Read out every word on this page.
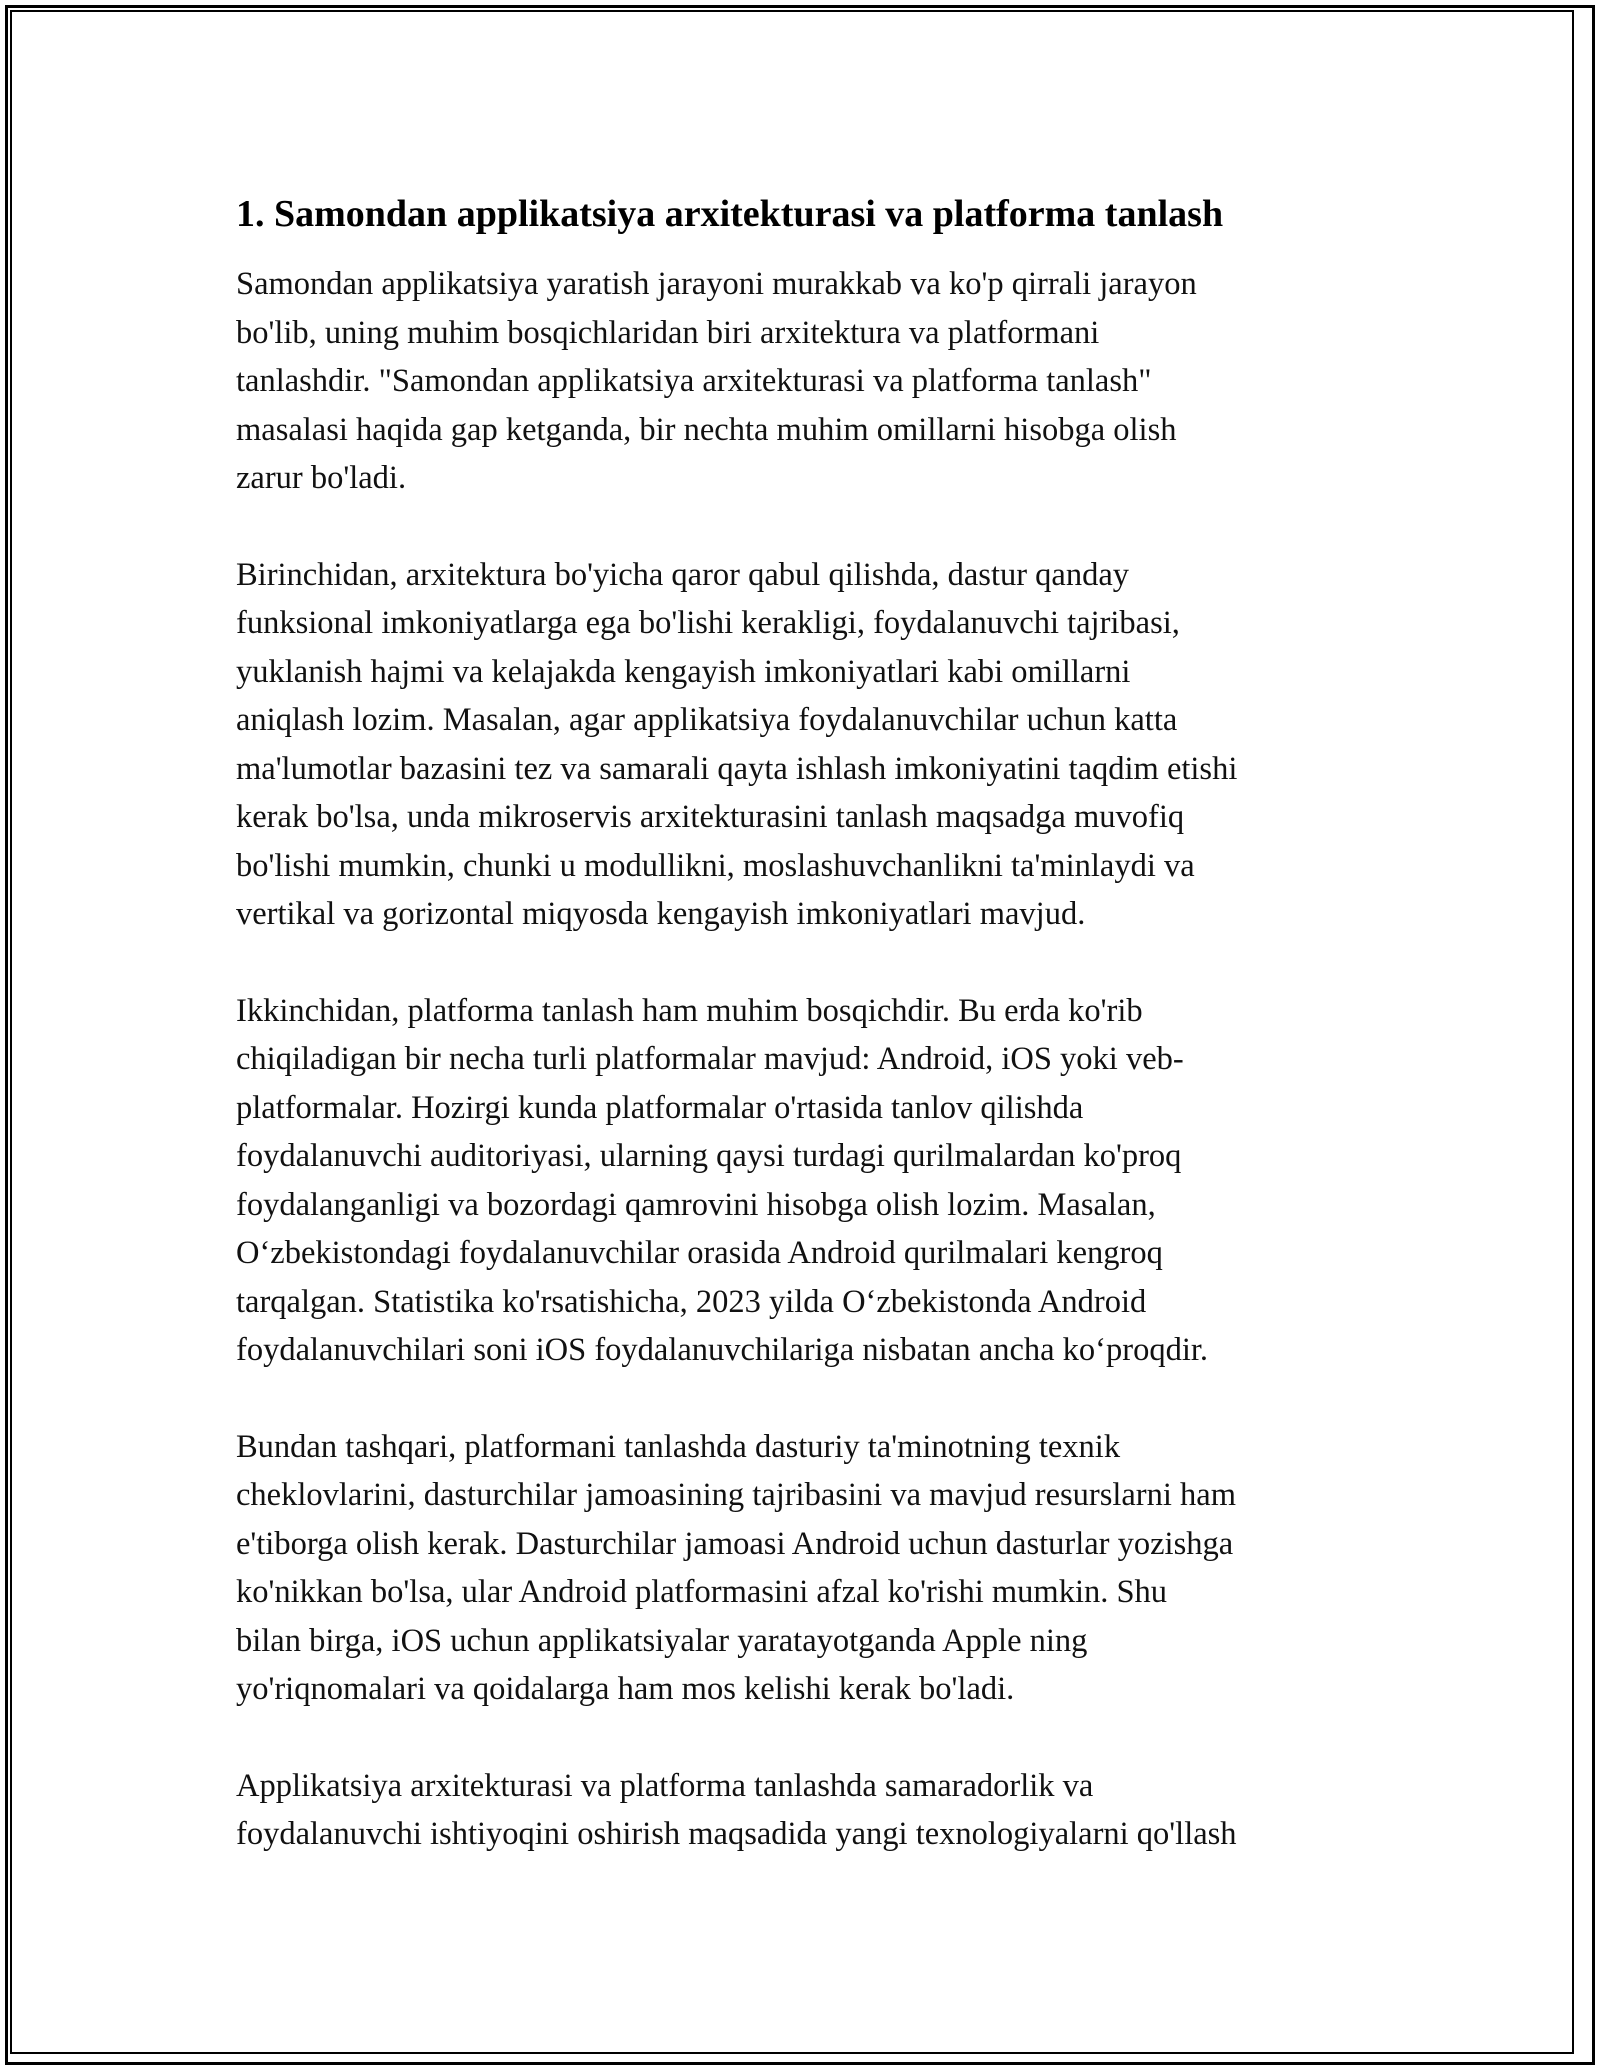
1. Samondan applikatsiya arxitekturasi va platforma tanlash

Samondan applikatsiya yaratish jarayoni murakkab va ko'p qirrali jarayon
bo'lib, uning muhim bosqichlaridan biri arxitektura va platformani
tanlashdir. "Samondan applikatsiya arxitekturasi va platforma tanlash"
masalasi haqida gap ketganda, bir nechta muhim omillarni hisobga olish
zarur bo'ladi.

Birinchidan, arxitektura bo'yicha qaror qabul qilishda, dastur qanday
funksional imkoniyatlarga ega bo'lishi kerakligi, foydalanuvchi tajribasi,
yuklanish hajmi va kelajakda kengayish imkoniyatlari kabi omillarni
aniqlash lozim. Masalan, agar applikatsiya foydalanuvchilar uchun katta
ma'lumotlar bazasini tez va samarali qayta ishlash imkoniyatini taqdim etishi
kerak bo'lsa, unda mikroservis arxitekturasini tanlash maqsadga muvofiq
bo'lishi mumkin, chunki u modullikni, moslashuvchanlikni ta'minlaydi va
vertikal va gorizontal miqyosda kengayish imkoniyatlari mavjud.

Ikkinchidan, platforma tanlash ham muhim bosqichdir. Bu erda ko'rib
chiqiladigan bir necha turli platformalar mavjud: Android, iOS yoki veb-
platformalar. Hozirgi kunda platformalar o'rtasida tanlov qilishda
foydalanuvchi auditoriyasi, ularning qaysi turdagi qurilmalardan ko'proq
foydalanganligi va bozordagi qamrovini hisobga olish lozim. Masalan,
Oʻzbekistondagi foydalanuvchilar orasida Android qurilmalari kengroq
tarqalgan. Statistika ko'rsatishicha, 2023 yilda Oʻzbekistonda Android
foydalanuvchilari soni iOS foydalanuvchilariga nisbatan ancha koʻproqdir.

Bundan tashqari, platformani tanlashda dasturiy ta'minotning texnik
cheklovlarini, dasturchilar jamoasining tajribasini va mavjud resurslarni ham
e'tiborga olish kerak. Dasturchilar jamoasi Android uchun dasturlar yozishga
ko'nikkan bo'lsa, ular Android platformasini afzal ko'rishi mumkin. Shu
bilan birga, iOS uchun applikatsiyalar yaratayotganda Apple ning
yo'riqnomalari va qoidalarga ham mos kelishi kerak bo'ladi.

Applikatsiya arxitekturasi va platforma tanlashda samaradorlik va
foydalanuvchi ishtiyoqini oshirish maqsadida yangi texnologiyalarni qo'llash
